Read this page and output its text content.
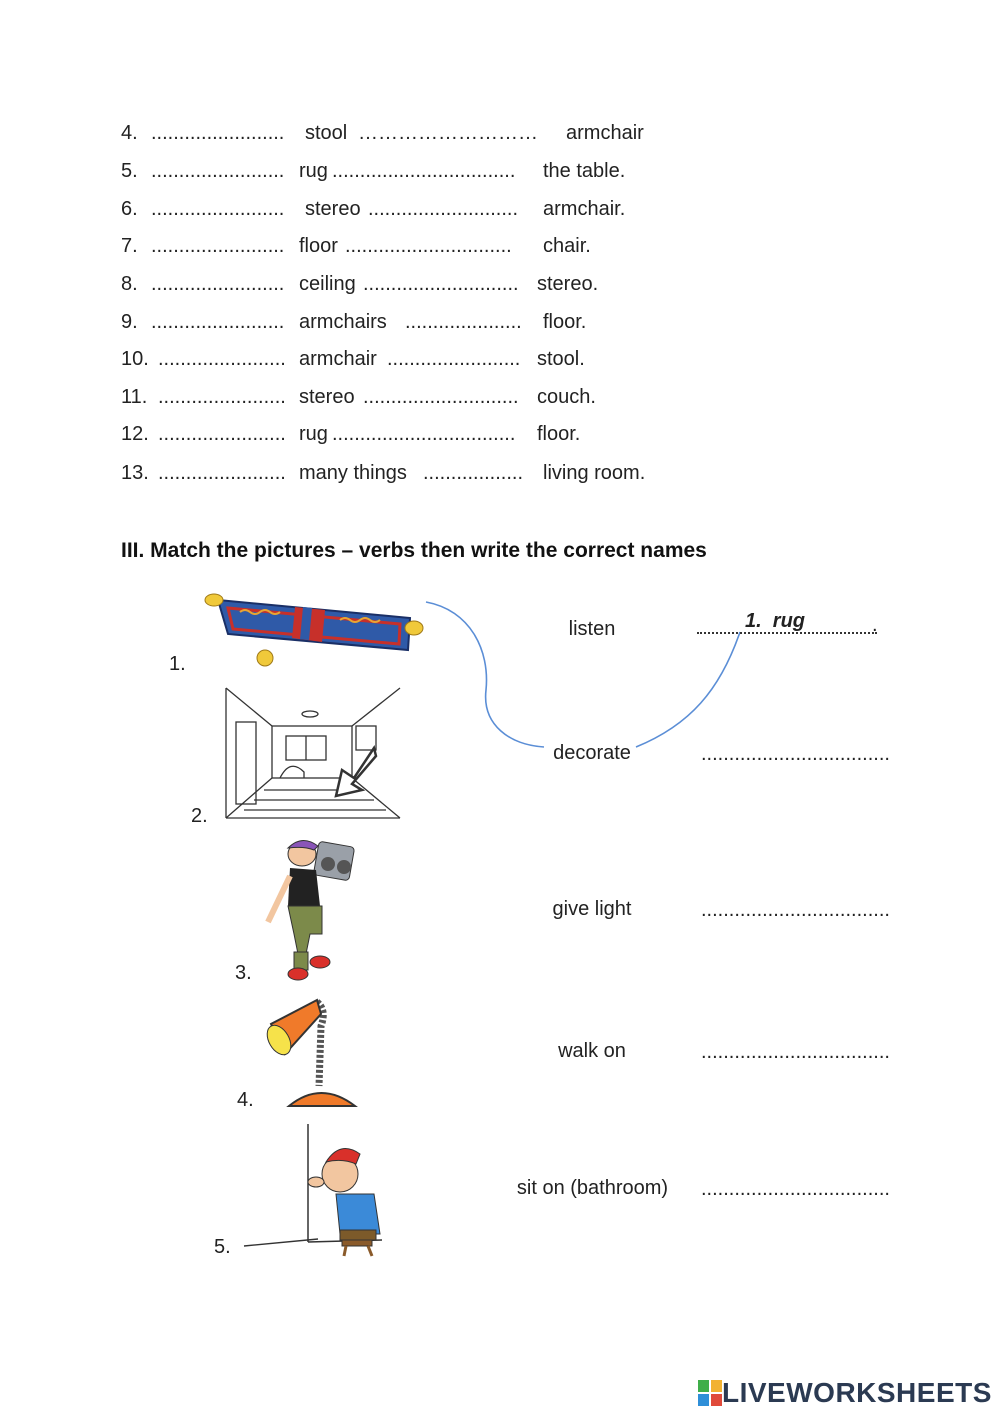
4. ........................ stool ……………………… armchair
5. ........................ rug ................................. the table.
6. ........................ stereo ........................... armchair.
7. ........................ floor .............................. chair.
8. ........................ ceiling ............................ stereo.
9. ........................ armchairs ..................... floor.
10. ....................... armchair ........................ stool.
11. ....................... stereo ............................ couch.
12. ....................... rug ................................. floor.
13. ....................... many things .................. living room.
III. Match the pictures – verbs then write the correct names
1.
2.
3.
4.
5.
listen
decorate
give light
walk on
sit on (bathroom)
1. rug
.
..................................
..................................
..................................
..................................
LIVEWORKSHEETS
